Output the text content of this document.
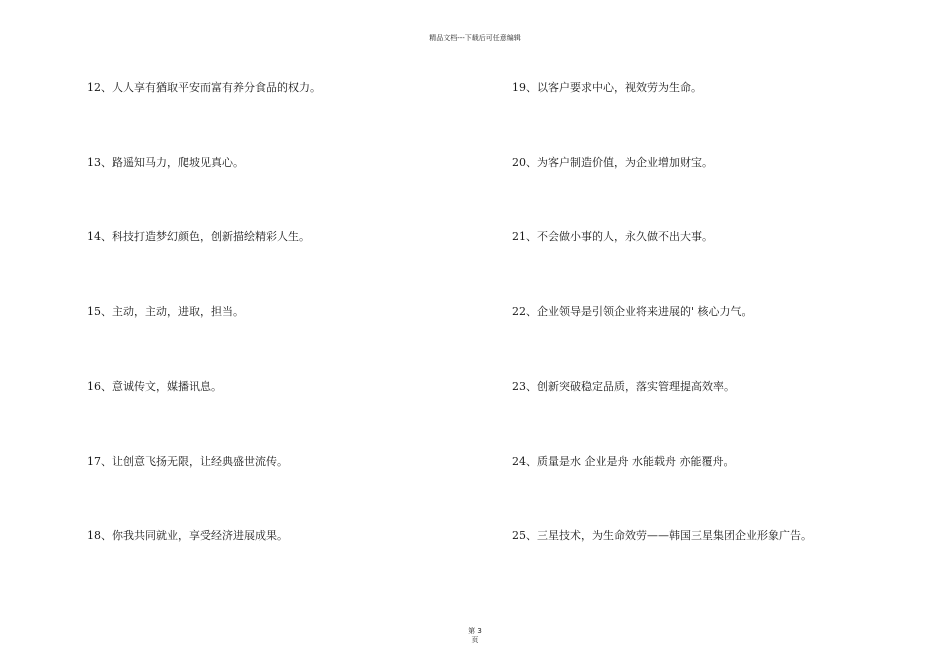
精品文档---下载后可任意编辑
12、人人享有猶取平安而富有养分食品的权力。
13、路遥知马力，爬坡见真心。
14、科技打造梦幻颜色，创新描绘精彩人生。
15、主动，主动，进取，担当。
16、意诚传文，媒播讯息。
17、让创意飞扬无限，让经典盛世流传。
18、你我共同就业，享受经济进展成果。
19、以客户要求中心，视效劳为生命。
20、为客户制造价值，为企业增加财宝。
21、不会做小事的人，永久做不出大事。
22、企业领导是引领企业将来进展的' 核心力气。
23、创新突破稳定品质，落实管理提高效率。
24、质量是水 企业是舟 水能载舟 亦能覆舟。
25、三星技术，为生命效劳——韩国三星集团企业形象广告。
第 3
页
